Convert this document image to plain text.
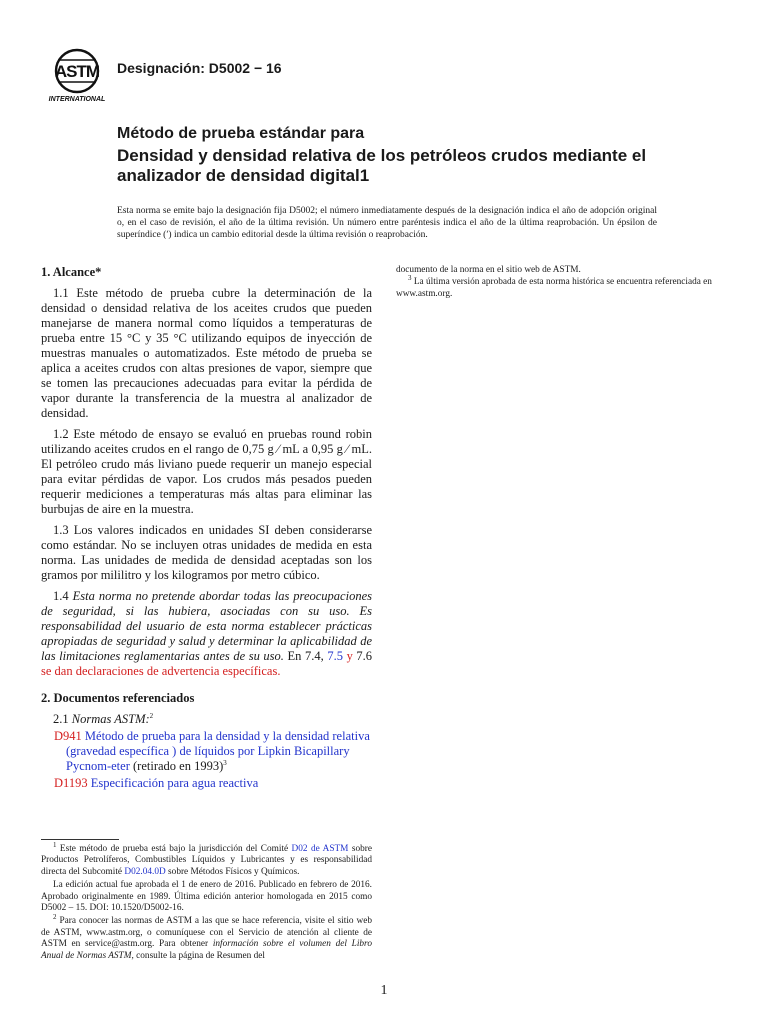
ASTM
INTERNATIONAL
Designación: D5002 − 16

Método de prueba estándar para

Densidad y densidad relativa de los petróleos crudos mediante el analizador de densidad digital1

Esta norma se emite bajo la designación fija D5002; el número inmediatamente después de la designación indica el año de adopción original o, en el caso de revisión, el año de la última revisión. Un número entre paréntesis indica el año de la última reaprobación. Un épsilon de superíndice (ʹ) indica un cambio editorial desde la última revisión o reaprobación.

1. Alcance*

1.1 Este método de prueba cubre la determinación de la densidad o densidad relativa de los aceites crudos que pueden manejarse de manera normal como líquidos a temperaturas de prueba entre 15 °C y 35 °C utilizando equipos de inyección de muestras manuales o automatizados. Este método de prueba se aplica a aceites crudos con altas presiones de vapor, siempre que se tomen las precauciones adecuadas para evitar la pérdida de vapor durante la transferencia de la muestra al analizador de densidad.

1.2 Este método de ensayo se evaluó en pruebas round robin utilizando aceites crudos en el rango de 0,75 g ⁄ mL a 0,95 g ⁄ mL. El petróleo crudo más liviano puede requerir un manejo especial para evitar pérdidas de vapor. Los crudos más pesados pueden requerir mediciones a temperaturas más altas para eliminar las burbujas de aire en la muestra.

1.3 Los valores indicados en unidades SI deben considerarse como estándar. No se incluyen otras unidades de medida en esta norma. Las unidades de medida de densidad aceptadas son los gramos por mililitro y los kilogramos por metro cúbico.

1.4 Esta norma no pretende abordar todas las preocupaciones de seguridad, si las hubiera, asociadas con su uso. Es responsabilidad del usuario de esta norma establecer prácticas apropiadas de seguridad y salud y determinar la aplicabilidad de las limitaciones reglamentarias antes de su uso. En 7.4, 7.5 y 7.6 se dan declaraciones de advertencia específicas.

2. Documentos referenciados

2.1 Normas ASTM:$^2$

D941 Método de prueba para la densidad y la densidad relativa (gravedad específica ) de líquidos por Lipkin Bicapillary Pycnom-eter (retirado en 1993)$^3$

D1193 Especificación para agua reactiva

$^1$ Este método de prueba está bajo la jurisdicción del Comité D02 de ASTM sobre Productos Petrolíferos, Combustibles Líquidos y Lubricantes y es responsabilidad directa del Subcomité D02.04.0D sobre Métodos Físicos y Químicos.

La edición actual fue aprobada el 1 de enero de 2016. Publicado en febrero de 2016. Aprobado originalmente en 1989. Última edición anterior homologada en 2015 como D5002 – 15. DOI: 10.1520/D5002-16.

$^2$ Para conocer las normas de ASTM a las que se hace referencia, visite el sitio web de ASTM, www.astm.org, o comuníquese con el Servicio de atención al cliente de ASTM en service@astm.org. Para obtener información sobre el volumen del Libro Anual de Normas ASTM, consulte la página de Resumen del

documento de la norma en el sitio web de ASTM.

$^3$ La última versión aprobada de esta norma histórica se encuentra referenciada en www.astm.org.

1
